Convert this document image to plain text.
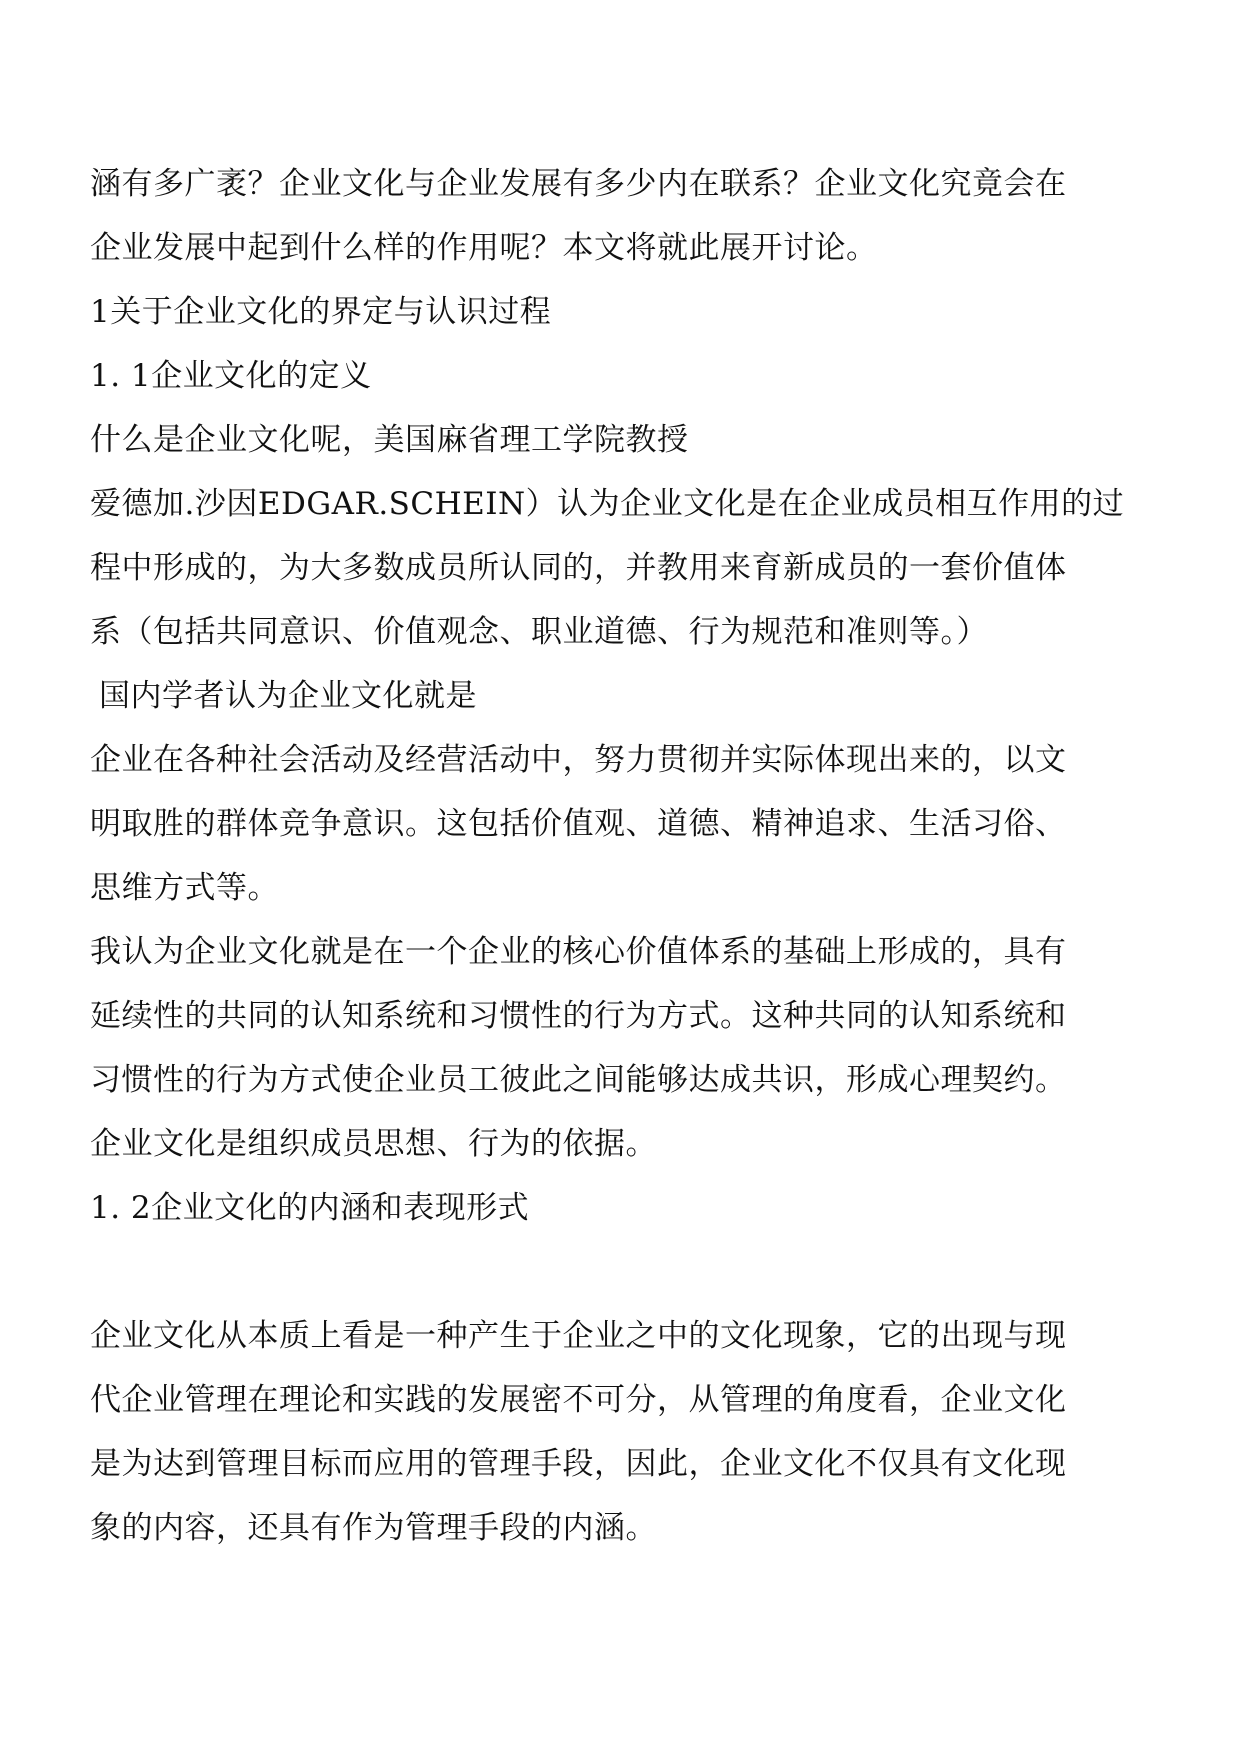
涵有多广袤？企业文化与企业发展有多少内在联系？企业文化究竟会在
企业发展中起到什么样的作用呢？本文将就此展开讨论。
1关于企业文化的界定与认识过程
1. 1企业文化的定义
什么是企业文化呢，美国麻省理工学院教授
爱德加.沙因EDGAR.SCHEIN）认为企业文化是在企业成员相互作用的过
程中形成的，为大多数成员所认同的，并教用来育新成员的一套价值体
系（包括共同意识、价值观念、职业道德、行为规范和准则等。）
国内学者认为企业文化就是
企业在各种社会活动及经营活动中，努力贯彻并实际体现出来的，以文
明取胜的群体竞争意识。这包括价值观、道德、精神追求、生活习俗、
思维方式等。
我认为企业文化就是在一个企业的核心价值体系的基础上形成的，具有
延续性的共同的认知系统和习惯性的行为方式。这种共同的认知系统和
习惯性的行为方式使企业员工彼此之间能够达成共识，形成心理契约。
企业文化是组织成员思想、行为的依据。
1. 2企业文化的内涵和表现形式
企业文化从本质上看是一种产生于企业之中的文化现象，它的出现与现
代企业管理在理论和实践的发展密不可分，从管理的角度看，企业文化
是为达到管理目标而应用的管理手段，因此，企业文化不仅具有文化现
象的内容，还具有作为管理手段的内涵。
